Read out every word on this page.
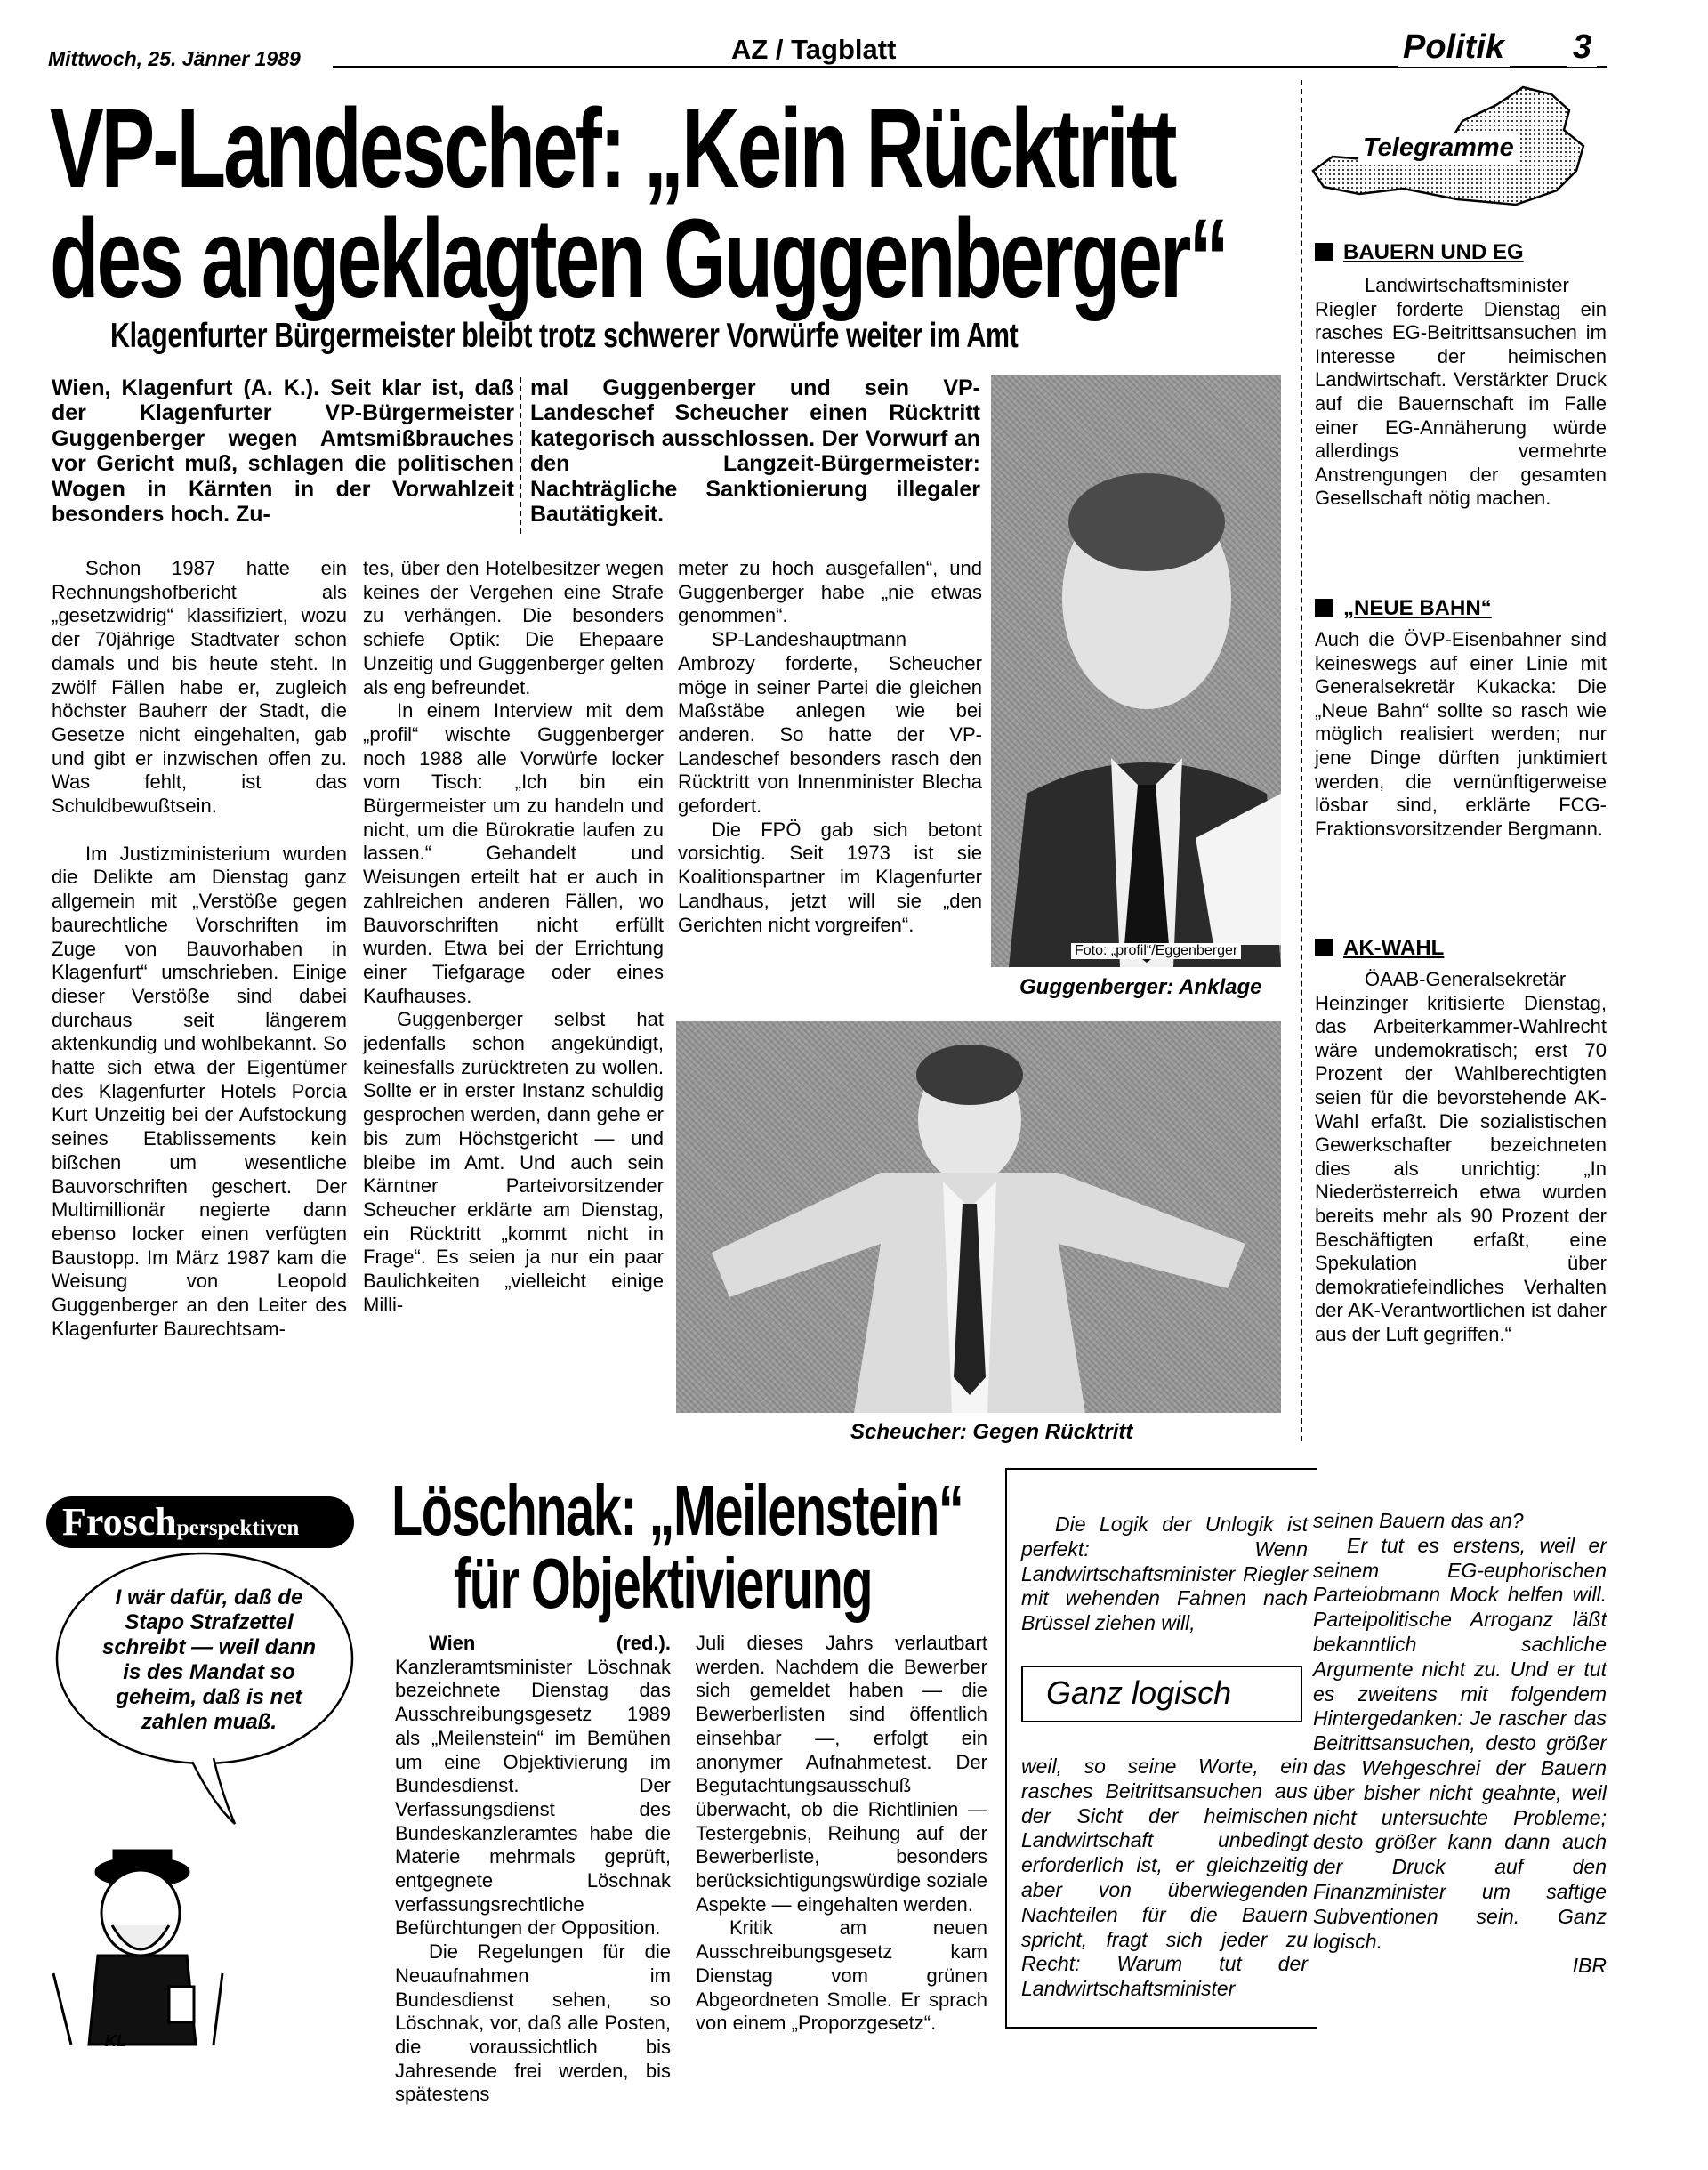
Mittwoch, 25. Jänner 1989	AZ / Tagblatt	Politik 3
VP-Landeschef: „Kein Rücktritt
des angeklagten Guggenberger“
Klagenfurter Bürgermeister bleibt trotz schwerer Vorwürfe weiter im Amt

Wien, Klagenfurt (A. K.). Seit klar ist, daß der Klagenfurter VP-Bürgermeister Guggenberger wegen Amtsmißbrauches vor Gericht muß, schlagen die politischen Wogen in Kärnten in der Vorwahlzeit besonders hoch. Zu-

mal Guggenberger und sein VP-Landeschef Scheucher einen Rücktritt kategorisch ausschlossen. Der Vorwurf an den Langzeit-Bürgermeister: Nachträgliche Sanktionierung illegaler Bautätigkeit.

Schon 1987 hatte ein Rechnungshofbericht als „gesetzwidrig“ klassifiziert, wozu der 70jährige Stadtvater schon damals und bis heute steht. In zwölf Fällen habe er, zugleich höchster Bauherr der Stadt, die Gesetze nicht eingehalten, gab und gibt er inzwischen offen zu. Was fehlt, ist das Schuldbewußtsein.

Im Justizministerium wurden die Delikte am Dienstag ganz allgemein mit „Verstöße gegen baurechtliche Vorschriften im Zuge von Bauvorhaben in Klagenfurt“ umschrieben. Einige dieser Verstöße sind dabei durchaus seit längerem aktenkundig und wohlbekannt. So hatte sich etwa der Eigentümer des Klagenfurter Hotels Porcia Kurt Unzeitig bei der Aufstockung seines Etablissements kein bißchen um wesentliche Bauvorschriften geschert. Der Multimillionär negierte dann ebenso locker einen verfügten Baustopp. Im März 1987 kam die Weisung von Leopold Guggenberger an den Leiter des Klagenfurter Baurechtsam-

tes, über den Hotelbesitzer wegen keines der Vergehen eine Strafe zu verhängen. Die besonders schiefe Optik: Die Ehepaare Unzeitig und Guggenberger gelten als eng befreundet.

In einem Interview mit dem „profil“ wischte Guggenberger noch 1988 alle Vorwürfe locker vom Tisch: „Ich bin ein Bürgermeister um zu handeln und nicht, um die Bürokratie laufen zu lassen.“ Gehandelt und Weisungen erteilt hat er auch in zahlreichen anderen Fällen, wo Bauvorschriften nicht erfüllt wurden. Etwa bei der Errichtung einer Tiefgarage oder eines Kaufhauses.

Guggenberger selbst hat jedenfalls schon angekündigt, keinesfalls zurücktreten zu wollen. Sollte er in erster Instanz schuldig gesprochen werden, dann gehe er bis zum Höchstgericht — und bleibe im Amt. Und auch sein Kärntner Parteivorsitzender Scheucher erklärte am Dienstag, ein Rücktritt „kommt nicht in Frage“. Es seien ja nur ein paar Baulichkeiten „vielleicht einige Milli-

meter zu hoch ausgefallen“, und Guggenberger habe „nie etwas genommen“.

SP-Landeshauptmann Ambrozy forderte, Scheucher möge in seiner Partei die gleichen Maßstäbe anlegen wie bei anderen. So hatte der VP-Landeschef besonders rasch den Rücktritt von Innenminister Blecha gefordert.

Die FPÖ gab sich betont vorsichtig. Seit 1973 ist sie Koalitionspartner im Klagenfurter Landhaus, jetzt will sie „den Gerichten nicht vorgreifen“.

Foto: „profil“/Eggenberger
Guggenberger: Anklage
Scheucher: Gegen Rücktritt
Telegramme
BAUERN UND EG
Landwirtschaftsminister Riegler forderte Dienstag ein rasches EG-Beitrittsansuchen im Interesse der heimischen Landwirtschaft. Verstärkter Druck auf die Bauernschaft im Falle einer EG-Annäherung würde allerdings vermehrte Anstrengungen der gesamten Gesellschaft nötig machen.
„NEUE BAHN“
Auch die ÖVP-Eisenbahner sind keineswegs auf einer Linie mit Generalsekretär Kukacka: Die „Neue Bahn“ sollte so rasch wie möglich realisiert werden; nur jene Dinge dürften junktimiert werden, die vernünftigerweise lösbar sind, erklärte FCG-Fraktionsvorsitzender Bergmann.
AK-WAHL
ÖAAB-Generalsekretär Heinzinger kritisierte Dienstag, das Arbeiterkammer-Wahlrecht wäre undemokratisch; erst 70 Prozent der Wahlberechtigten seien für die bevorstehende AK-Wahl erfaßt. Die sozialistischen Gewerkschafter bezeichneten dies als unrichtig: „In Niederösterreich etwa wurden bereits mehr als 90 Prozent der Beschäftigten erfaßt, eine Spekulation über demokratiefeindliches Verhalten der AK-Verantwortlichen ist daher aus der Luft gegriffen.“
Froschperspektiven
I wär dafür, daß de Stapo Strafzettel schreibt — weil dann is des Mandat so geheim, daß is net zahlen muaß.
KL
Löschnak: „Meilenstein“
für Objektivierung

Wien (red.). Kanzleramtsminister Löschnak bezeichnete Dienstag das Ausschreibungsgesetz 1989 als „Meilenstein“ im Bemühen um eine Objektivierung im Bundesdienst. Der Verfassungsdienst des Bundeskanzleramtes habe die Materie mehrmals geprüft, entgegnete Löschnak verfassungsrechtliche Befürchtungen der Opposition.

Die Regelungen für die Neuaufnahmen im Bundesdienst sehen, so Löschnak, vor, daß alle Posten, die voraussichtlich bis Jahresende frei werden, bis spätestens

Juli dieses Jahrs verlautbart werden. Nachdem die Bewerber sich gemeldet haben — die Bewerberlisten sind öffentlich einsehbar —, erfolgt ein anonymer Aufnahmetest. Der Begutachtungsausschuß überwacht, ob die Richtlinien — Testergebnis, Reihung auf der Bewerberliste, besonders berücksichtigungswürdige soziale Aspekte — eingehalten werden.

Kritik am neuen Ausschreibungsgesetz kam Dienstag vom grünen Abgeordneten Smolle. Er sprach von einem „Proporzgesetz“.

Die Logik der Unlogik ist perfekt: Wenn Landwirtschaftsminister Riegler mit wehenden Fahnen nach Brüssel ziehen will,

Ganz logisch

weil, so seine Worte, ein rasches Beitrittsansuchen aus der Sicht der heimischen Landwirtschaft unbedingt erforderlich ist, er gleichzeitig aber von überwiegenden Nachteilen für die Bauern spricht, fragt sich jeder zu Recht: Warum tut der Landwirtschaftsminister

seinen Bauern das an?

Er tut es erstens, weil er seinem EG-euphorischen Parteiobmann Mock helfen will. Parteipolitische Arroganz läßt bekanntlich sachliche Argumente nicht zu. Und er tut es zweitens mit folgendem Hintergedanken: Je rascher das Beitrittsansuchen, desto größer das Wehgeschrei der Bauern über bisher nicht geahnte, weil nicht untersuchte Probleme; desto größer kann dann auch der Druck auf den Finanzminister um saftige Subventionen sein. Ganz logisch.

IBR
